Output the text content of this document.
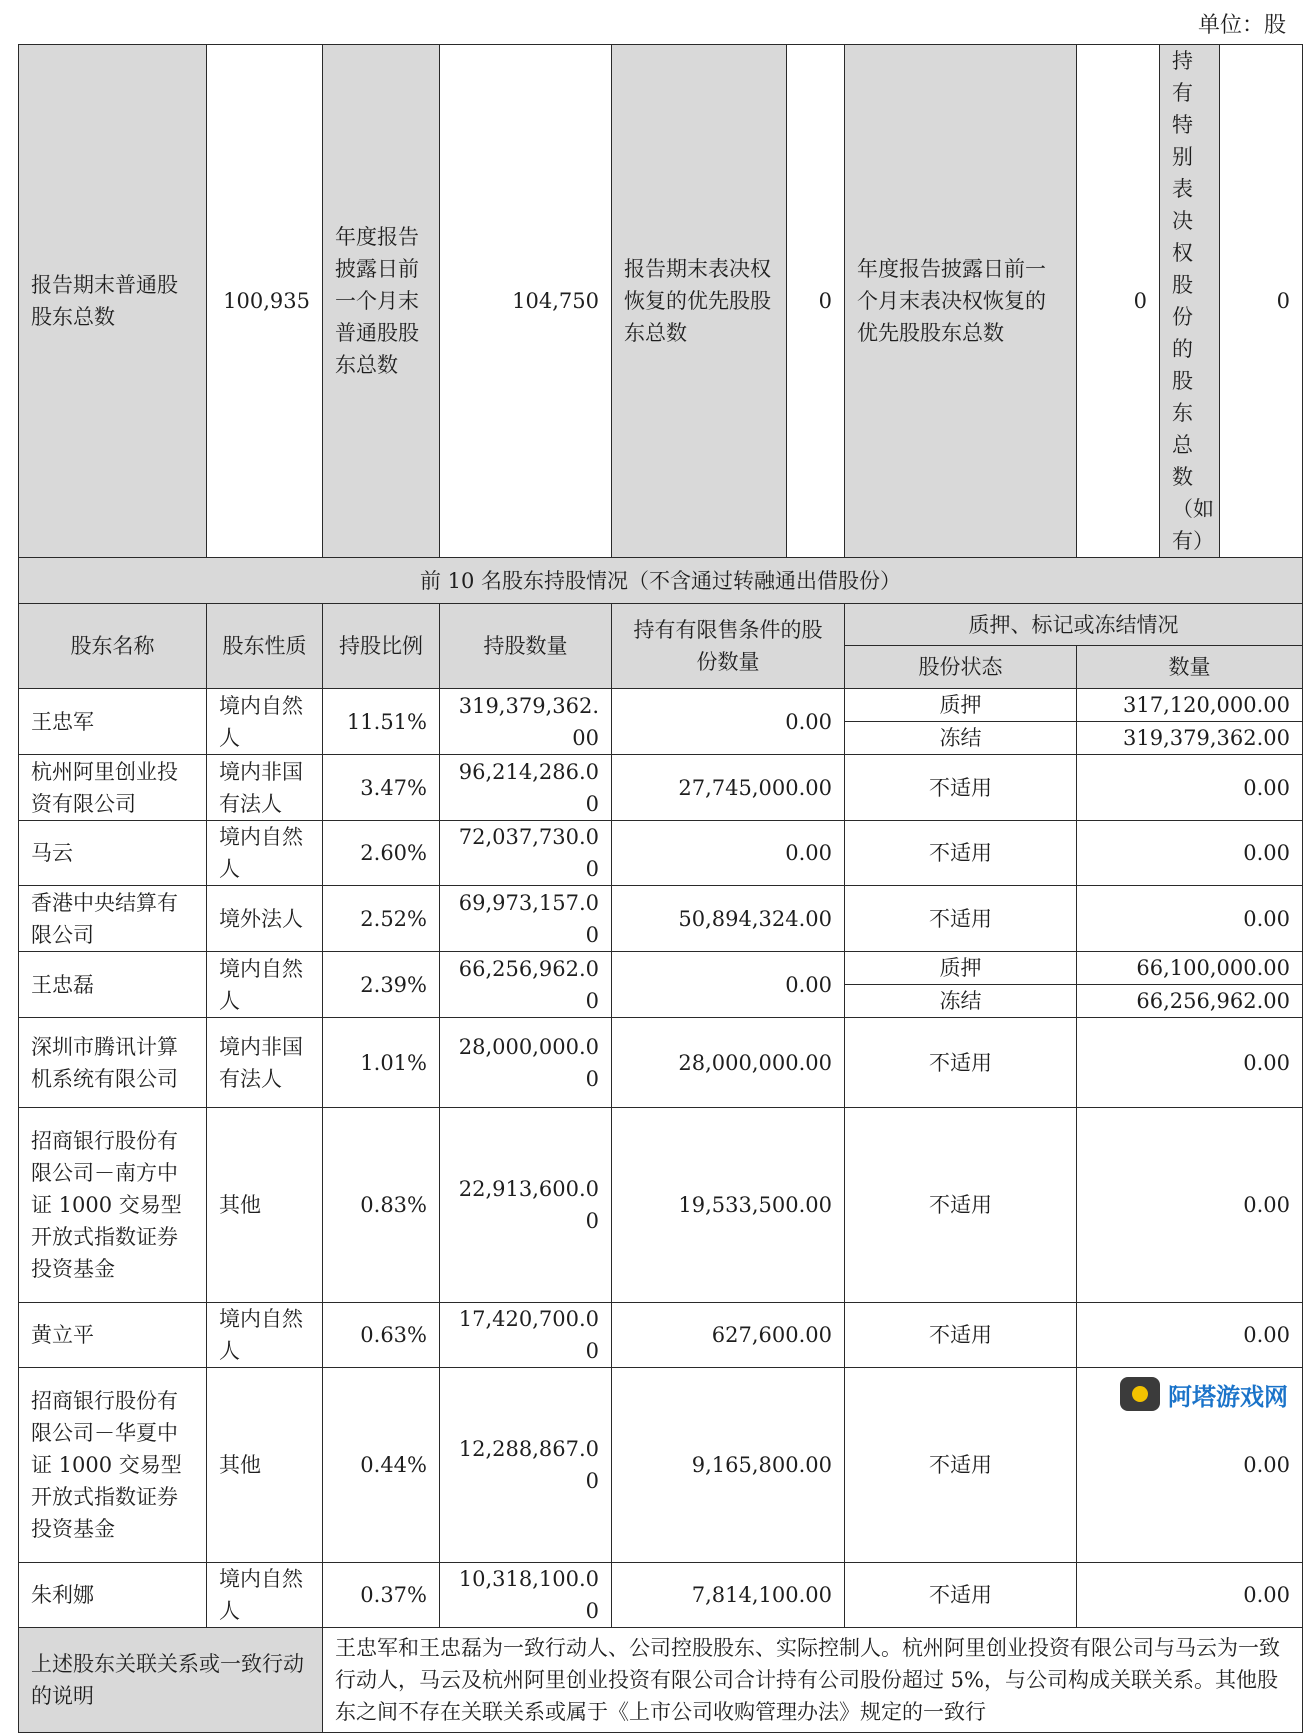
单位：股
报告期末普通股股东总数	100,935	年度报告披露日前一个月末普通股股东总数	104,750	报告期末表决权恢复的优先股股东总数	0	年度报告披露日前一个月末表决权恢复的优先股股东总数	0	持有特别表决权股份的股东总数（如有）	0
前 10 名股东持股情况（不含通过转融通出借股份）									
股东名称	股东性质	持股比例	持股数量	持有有限售条件的股份数量		质押、标记或冻结情况			
						股份状态	数量		
王忠军	境内自然人	11.51%	319,379,362.00	0.00		质押	317,120,000.00		
						冻结	319,379,362.00		
杭州阿里创业投资有限公司	境内非国有法人	3.47%	96,214,286.00	27,745,000.00		不适用	0.00		
马云	境内自然人	2.60%	72,037,730.00	0.00		不适用	0.00		
香港中央结算有限公司	境外法人	2.52%	69,973,157.00	50,894,324.00		不适用	0.00		
王忠磊	境内自然人	2.39%	66,256,962.00	0.00		质押	66,100,000.00		
						冻结	66,256,962.00		
深圳市腾讯计算机系统有限公司	境内非国有法人	1.01%	28,000,000.00	28,000,000.00		不适用	0.00		
招商银行股份有限公司－南方中证 1000 交易型开放式指数证券投资基金	其他	0.83%	22,913,600.00	19,533,500.00		不适用	0.00		
黄立平	境内自然人	0.63%	17,420,700.00	627,600.00		不适用	0.00		
招商银行股份有限公司－华夏中证 1000 交易型开放式指数证券投资基金	其他	0.44%	12,288,867.00	9,165,800.00		不适用	0.00		
朱利娜	境内自然人	0.37%	10,318,100.00	7,814,100.00		不适用	0.00		
上述股东关联关系或一致行动的说明		王忠军和王忠磊为一致行动人、公司控股股东、实际控制人。杭州阿里创业投资有限公司与马云为一致行动人，马云及杭州阿里创业投资有限公司合计持有公司股份超过 5%，与公司构成关联关系。其他股东之间不存在关联关系或属于《上市公司收购管理办法》规定的一致行							
阿塔游戏网
